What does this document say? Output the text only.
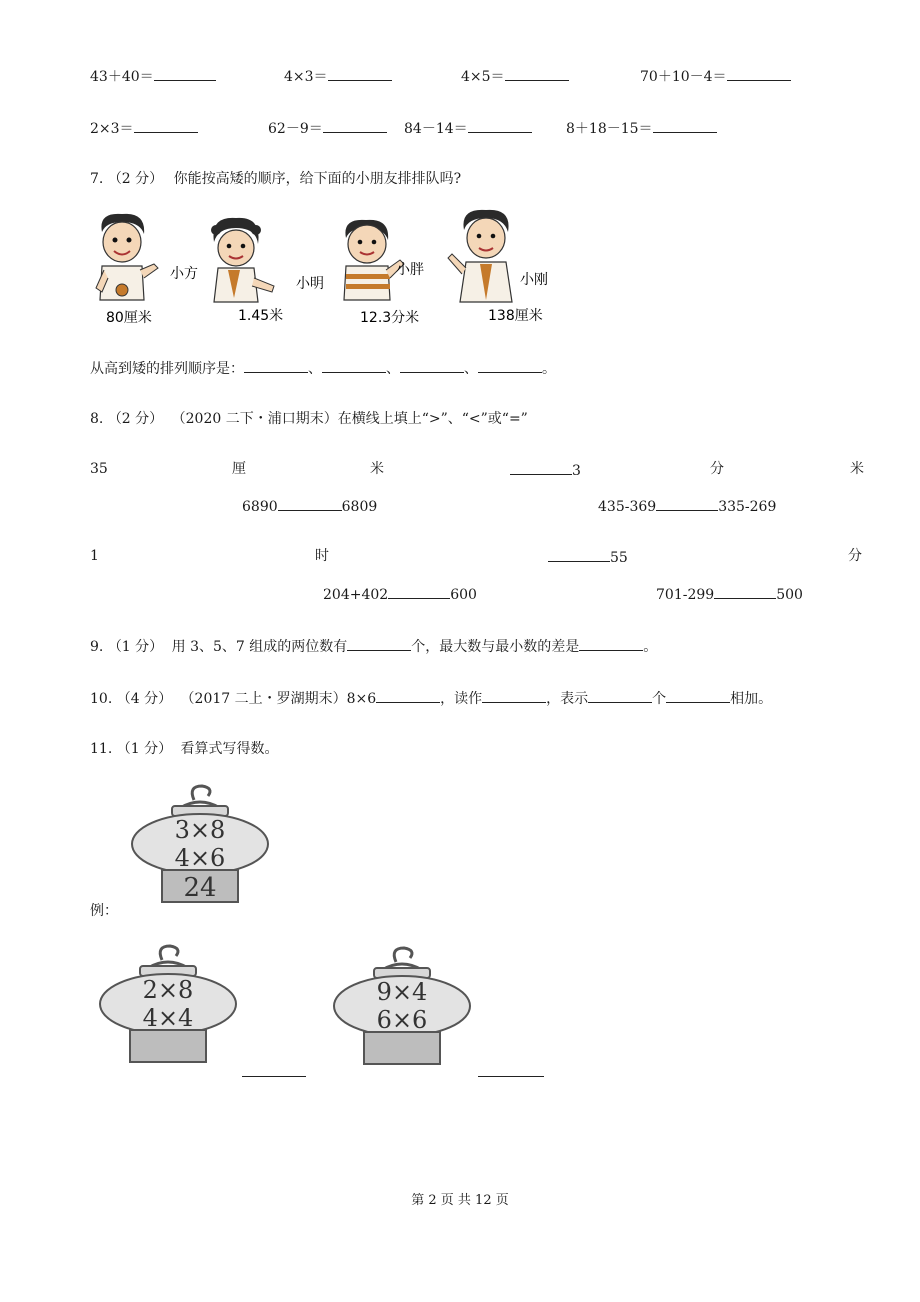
43＋40＝	4×3＝	4×5＝	70＋10－4＝
2×3＝	62－9＝	84－14＝	8＋18－15＝
7. （2 分） 你能按高矮的顺序，给下面的小朋友排排队吗?
小方
小明
小胖
小刚
80厘米	1.45米	12.3分米	138厘米
从高到矮的排列顺序是：	、	、	、	。
8. （2 分） （2020 二下・浦口期末）在横线上填上“>”、“<”或“=”
35	厘	米	3	分	米
6890	6809	435-369	335-269
1	时	55	分
204+402	600	701-299	500
9. （1 分） 用 3、5、7 组成的两位数有	个，最大数与最小数的差是	。
10. （4 分） （2017 二上・罗湖期末）8×6	，读作	，表示	个	相加。
11. （1 分） 看算式写得数。
3×8
4×6
24
例：
2×8
4×4
9×4
6×6
第 2 页 共 12 页
